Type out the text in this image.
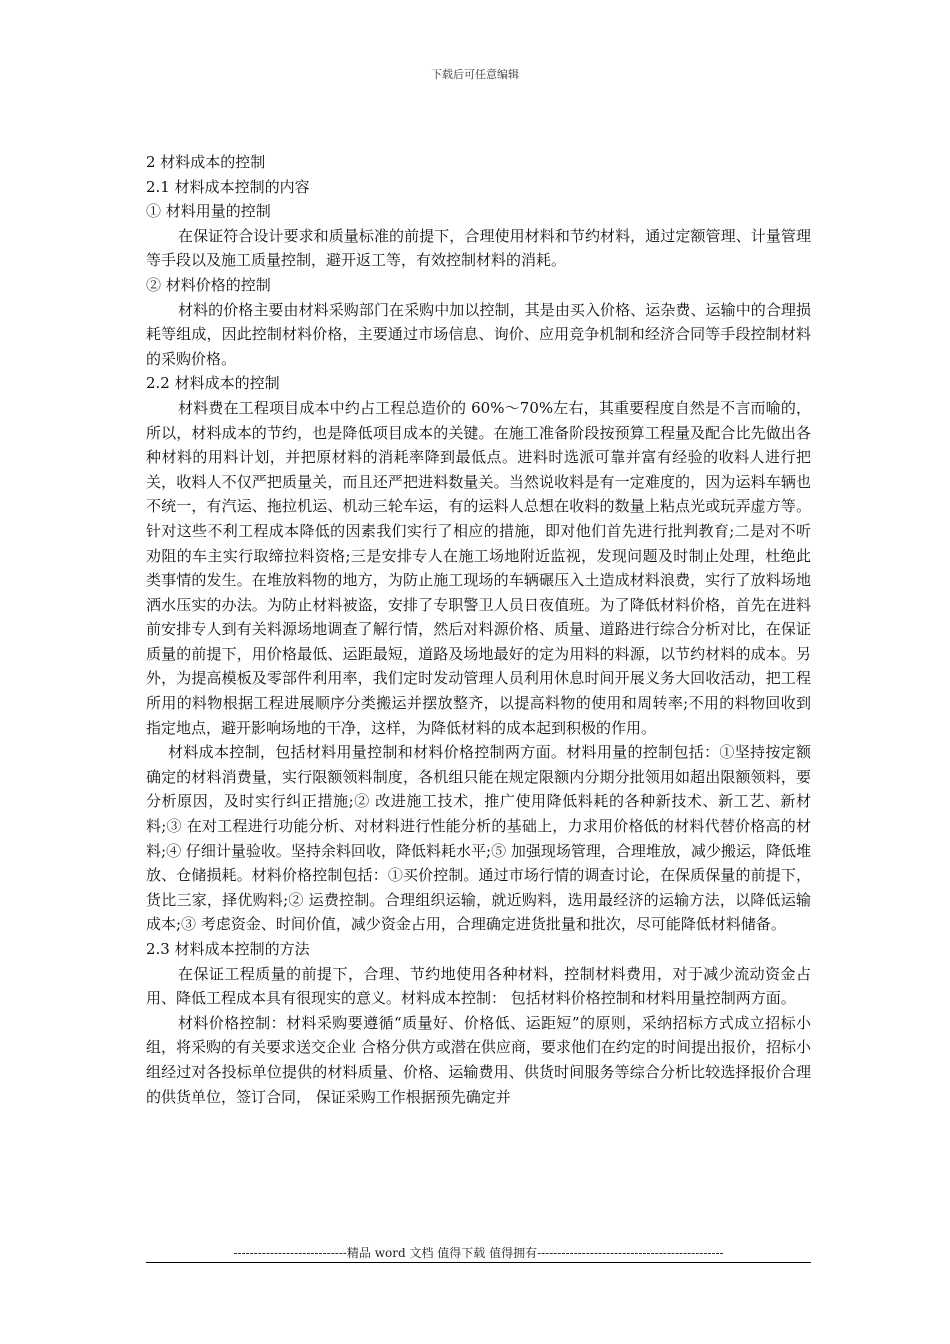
下载后可任意编辑

2 材料成本的控制

2.1 材料成本控制的内容

① 材料用量的控制

在保证符合设计要求和质量标准的前提下，合理使用材料和节约材料，通过定额管理、计量管理等手段以及施工质量控制，避开返工等，有效控制材料的消耗。

② 材料价格的控制

材料的价格主要由材料采购部门在采购中加以控制，其是由买入价格、运杂费、运输中的合理损耗等组成，因此控制材料价格，主要通过市场信息、询价、应用竞争机制和经济合同等手段控制材料的采购价格。

2.2 材料成本的控制

材料费在工程项目成本中约占工程总造价的 60%～70%左右，其重要程度自然是不言而喻的，所以，材料成本的节约，也是降低项目成本的关键。在施工准备阶段按预算工程量及配合比先做出各种材料的用料计划，并把原材料的消耗率降到最低点。进料时选派可靠并富有经验的收料人进行把关，收料人不仅严把质量关，而且还严把进料数量关。当然说收料是有一定难度的，因为运料车辆也不统一，有汽运、拖拉机运、机动三轮车运，有的运料人总想在收料的数量上粘点光或玩弄虚方等。针对这些不利工程成本降低的因素我们实行了相应的措施，即对他们首先进行批判教育;二是对不听劝阻的车主实行取缔拉料资格;三是安排专人在施工场地附近监视，发现问题及时制止处理，杜绝此类事情的发生。在堆放料物的地方，为防止施工现场的车辆碾压入土造成材料浪费，实行了放料场地洒水压实的办法。为防止材料被盗，安排了专职警卫人员日夜值班。为了降低材料价格，首先在进料前安排专人到有关料源场地调查了解行情，然后对料源价格、质量、道路进行综合分析对比，在保证质量的前提下，用价格最低、运距最短，道路及场地最好的定为用料的料源，以节约材料的成本。另外，为提高模板及零部件利用率，我们定时发动管理人员利用休息时间开展义务大回收活动，把工程所用的料物根据工程进展顺序分类搬运并摆放整齐，以提高料物的使用和周转率;不用的料物回收到指定地点，避开影响场地的干净，这样，为降低材料的成本起到积极的作用。

材料成本控制，包括材料用量控制和材料价格控制两方面。材料用量的控制包括：①坚持按定额确定的材料消费量，实行限额领料制度，各机组只能在规定限额内分期分批领用如超出限额领料，要分析原因，及时实行纠正措施;② 改进施工技术，推广使用降低料耗的各种新技术、新工艺、新材料;③ 在对工程进行功能分析、对材料进行性能分析的基础上，力求用价格低的材料代替价格高的材料;④ 仔细计量验收。坚持余料回收，降低料耗水平;⑤ 加强现场管理，合理堆放，减少搬运，降低堆放、仓储损耗。材料价格控制包括：①买价控制。通过市场行情的调查讨论，在保质保量的前提下，货比三家，择优购料;② 运费控制。合理组织运输，就近购料，选用最经济的运输方法，以降低运输成本;③ 考虑资金、时间价值，减少资金占用，合理确定进货批量和批次，尽可能降低材料储备。

2.3 材料成本控制的方法

在保证工程质量的前提下，合理、节约地使用各种材料，控制材料费用，对于减少流动资金占用、降低工程成本具有很现实的意义。材料成本控制： 包括材料价格控制和材料用量控制两方面。

材料价格控制：材料采购要遵循“质量好、价格低、运距短”的原则，采纳招标方式成立招标小组，将采购的有关要求送交企业 合格分供方或潜在供应商，要求他们在约定的时间提出报价，招标小组经过对各投标单位提供的材料质量、价格、运输费用、供货时间服务等综合分析比较选择报价合理的供货单位，签订合同， 保证采购工作根据预先确定并

----------------------------精品 word 文档 值得下载 值得拥有----------------------------------------------
